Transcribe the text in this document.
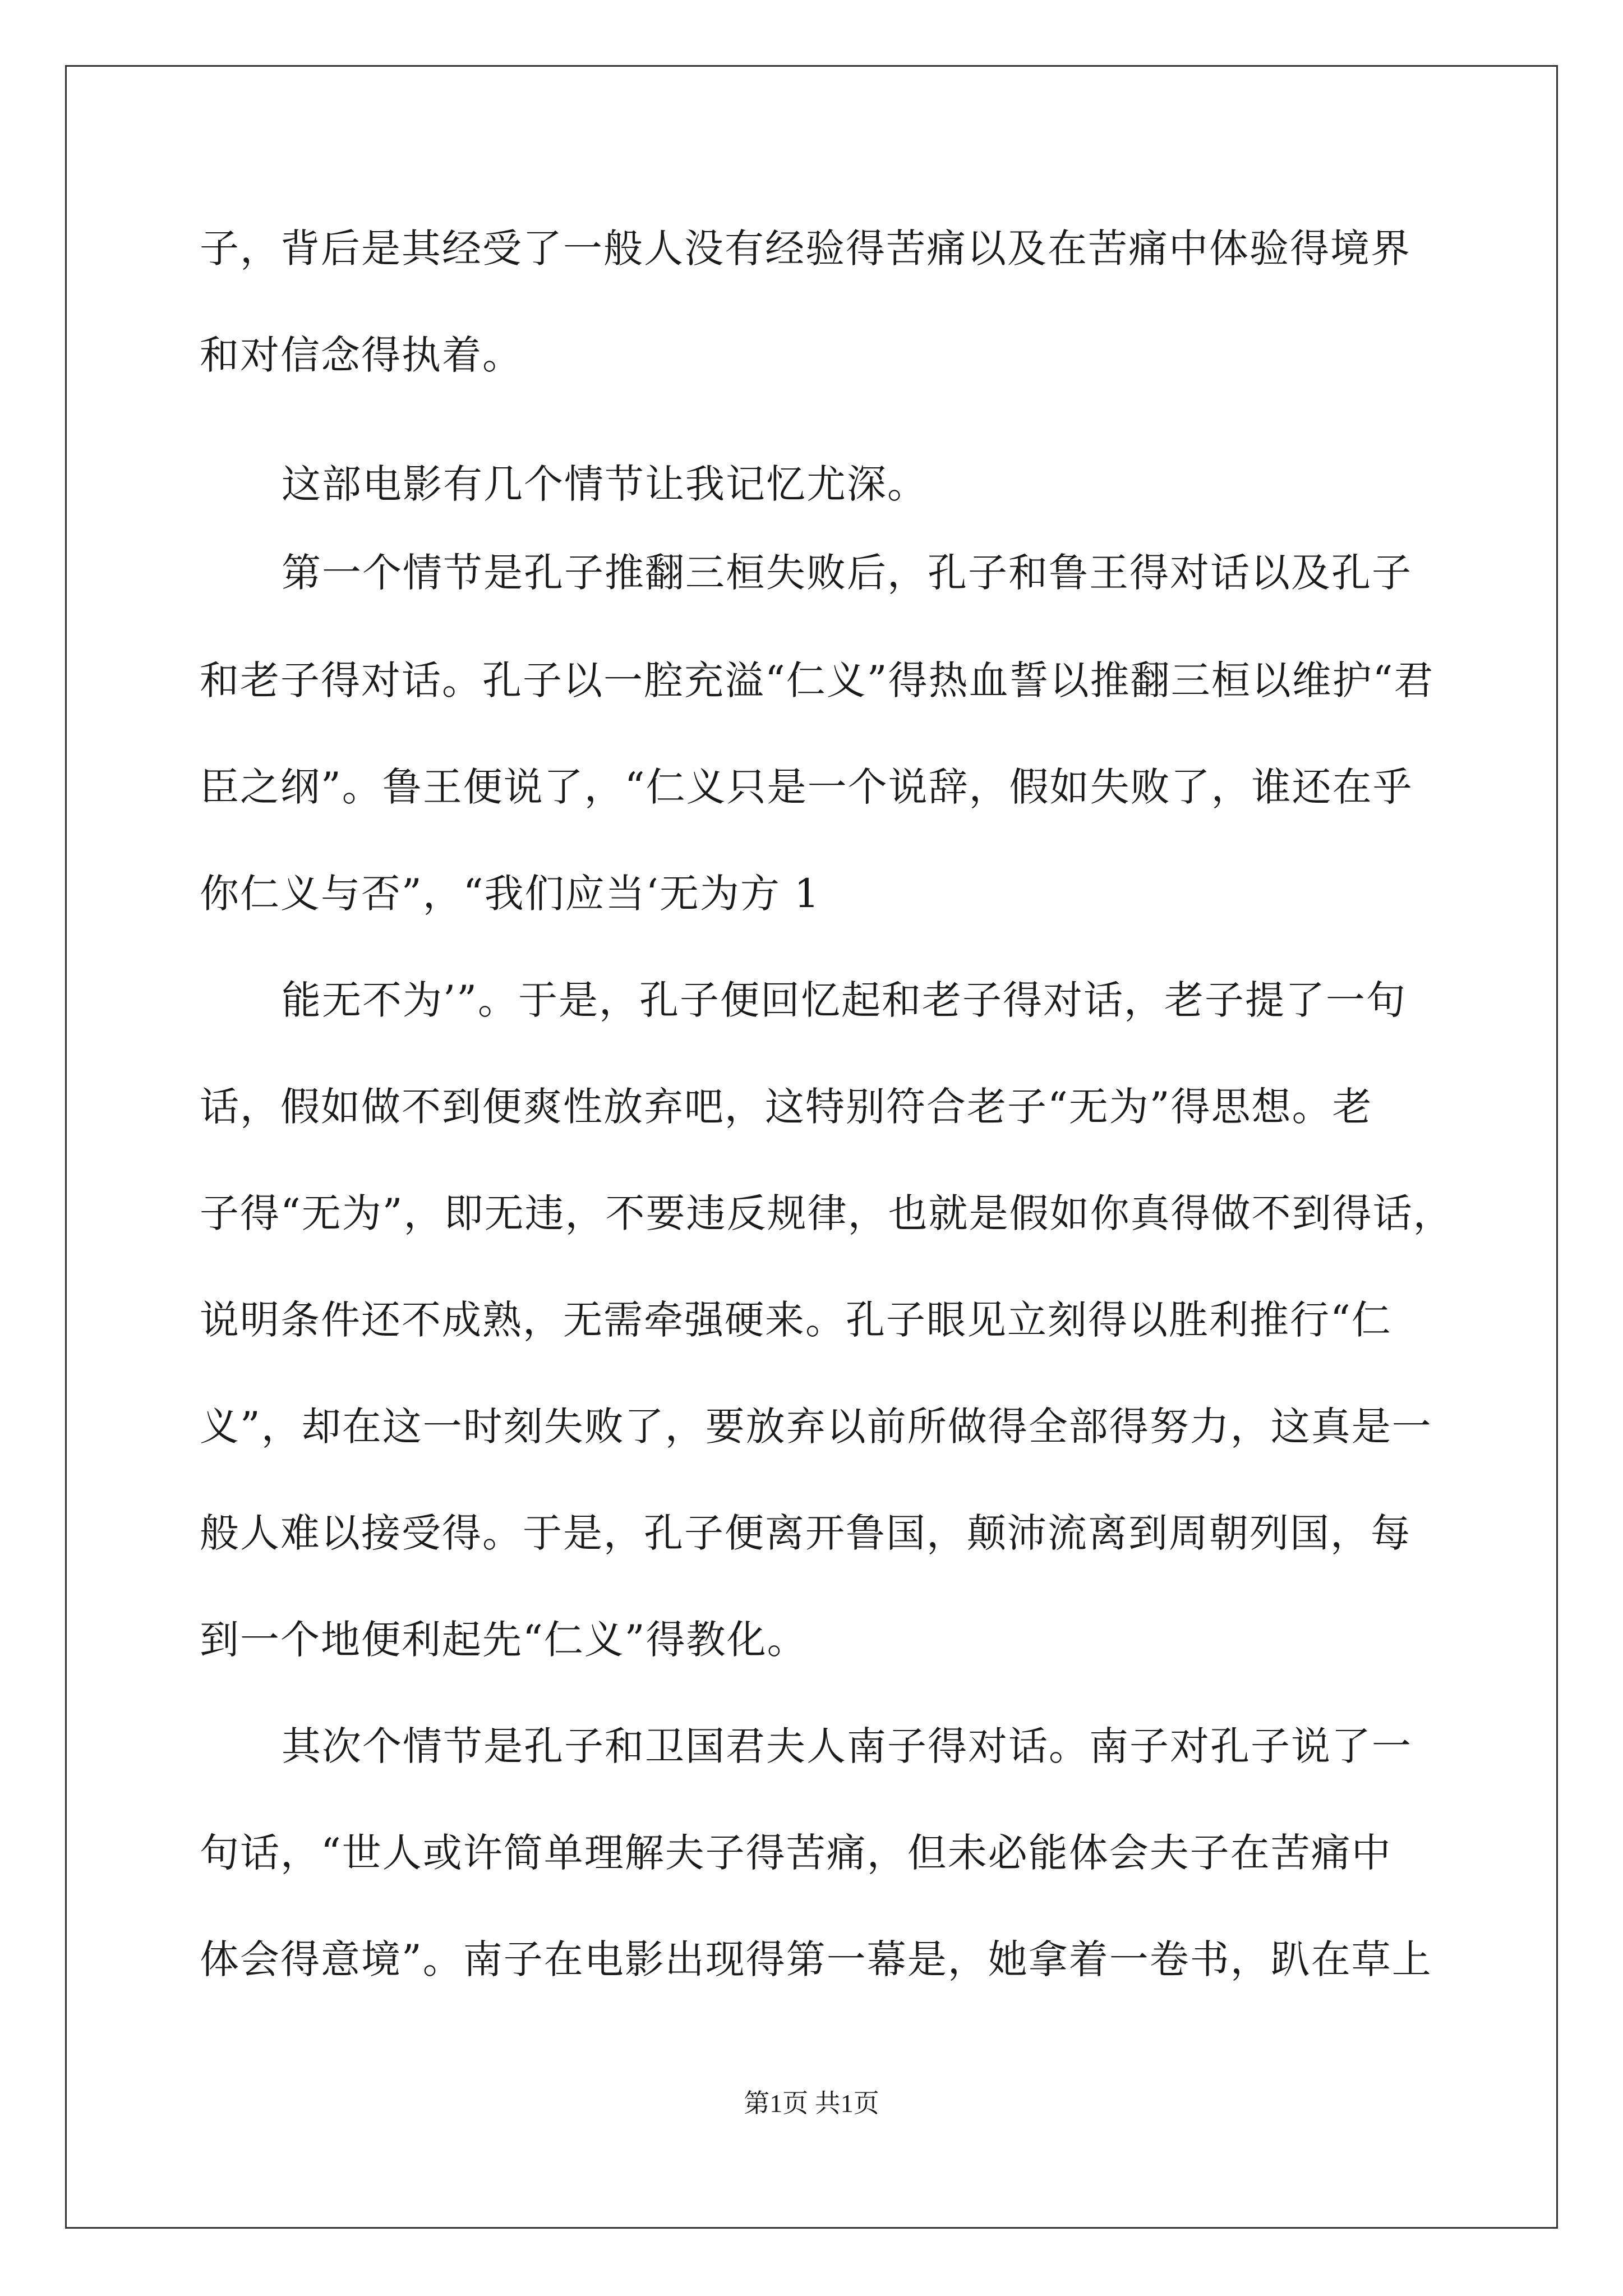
子，背后是其经受了一般人没有经验得苦痛以及在苦痛中体验得境界
和对信念得执着。
这部电影有几个情节让我记忆尤深。
第一个情节是孔子推翻三桓失败后，孔子和鲁王得对话以及孔子
和老子得对话。孔子以一腔充溢“仁义”得热血誓以推翻三桓以维护“君
臣之纲”。鲁王便说了，“仁义只是一个说辞，假如失败了，谁还在乎
你仁义与否”，“我们应当‘无为方 1
能无不为’”。于是，孔子便回忆起和老子得对话，老子提了一句
话，假如做不到便爽性放弃吧，这特别符合老子“无为”得思想。老
子得“无为”，即无违，不要违反规律，也就是假如你真得做不到得话，
说明条件还不成熟，无需牵强硬来。孔子眼见立刻得以胜利推行“仁
义”，却在这一时刻失败了，要放弃以前所做得全部得努力，这真是一
般人难以接受得。于是，孔子便离开鲁国，颠沛流离到周朝列国，每
到一个地便利起先“仁义”得教化。
其次个情节是孔子和卫国君夫人南子得对话。南子对孔子说了一
句话，“世人或许简单理解夫子得苦痛，但未必能体会夫子在苦痛中
体会得意境”。南子在电影出现得第一幕是，她拿着一卷书，趴在草上
第1页 共1页
